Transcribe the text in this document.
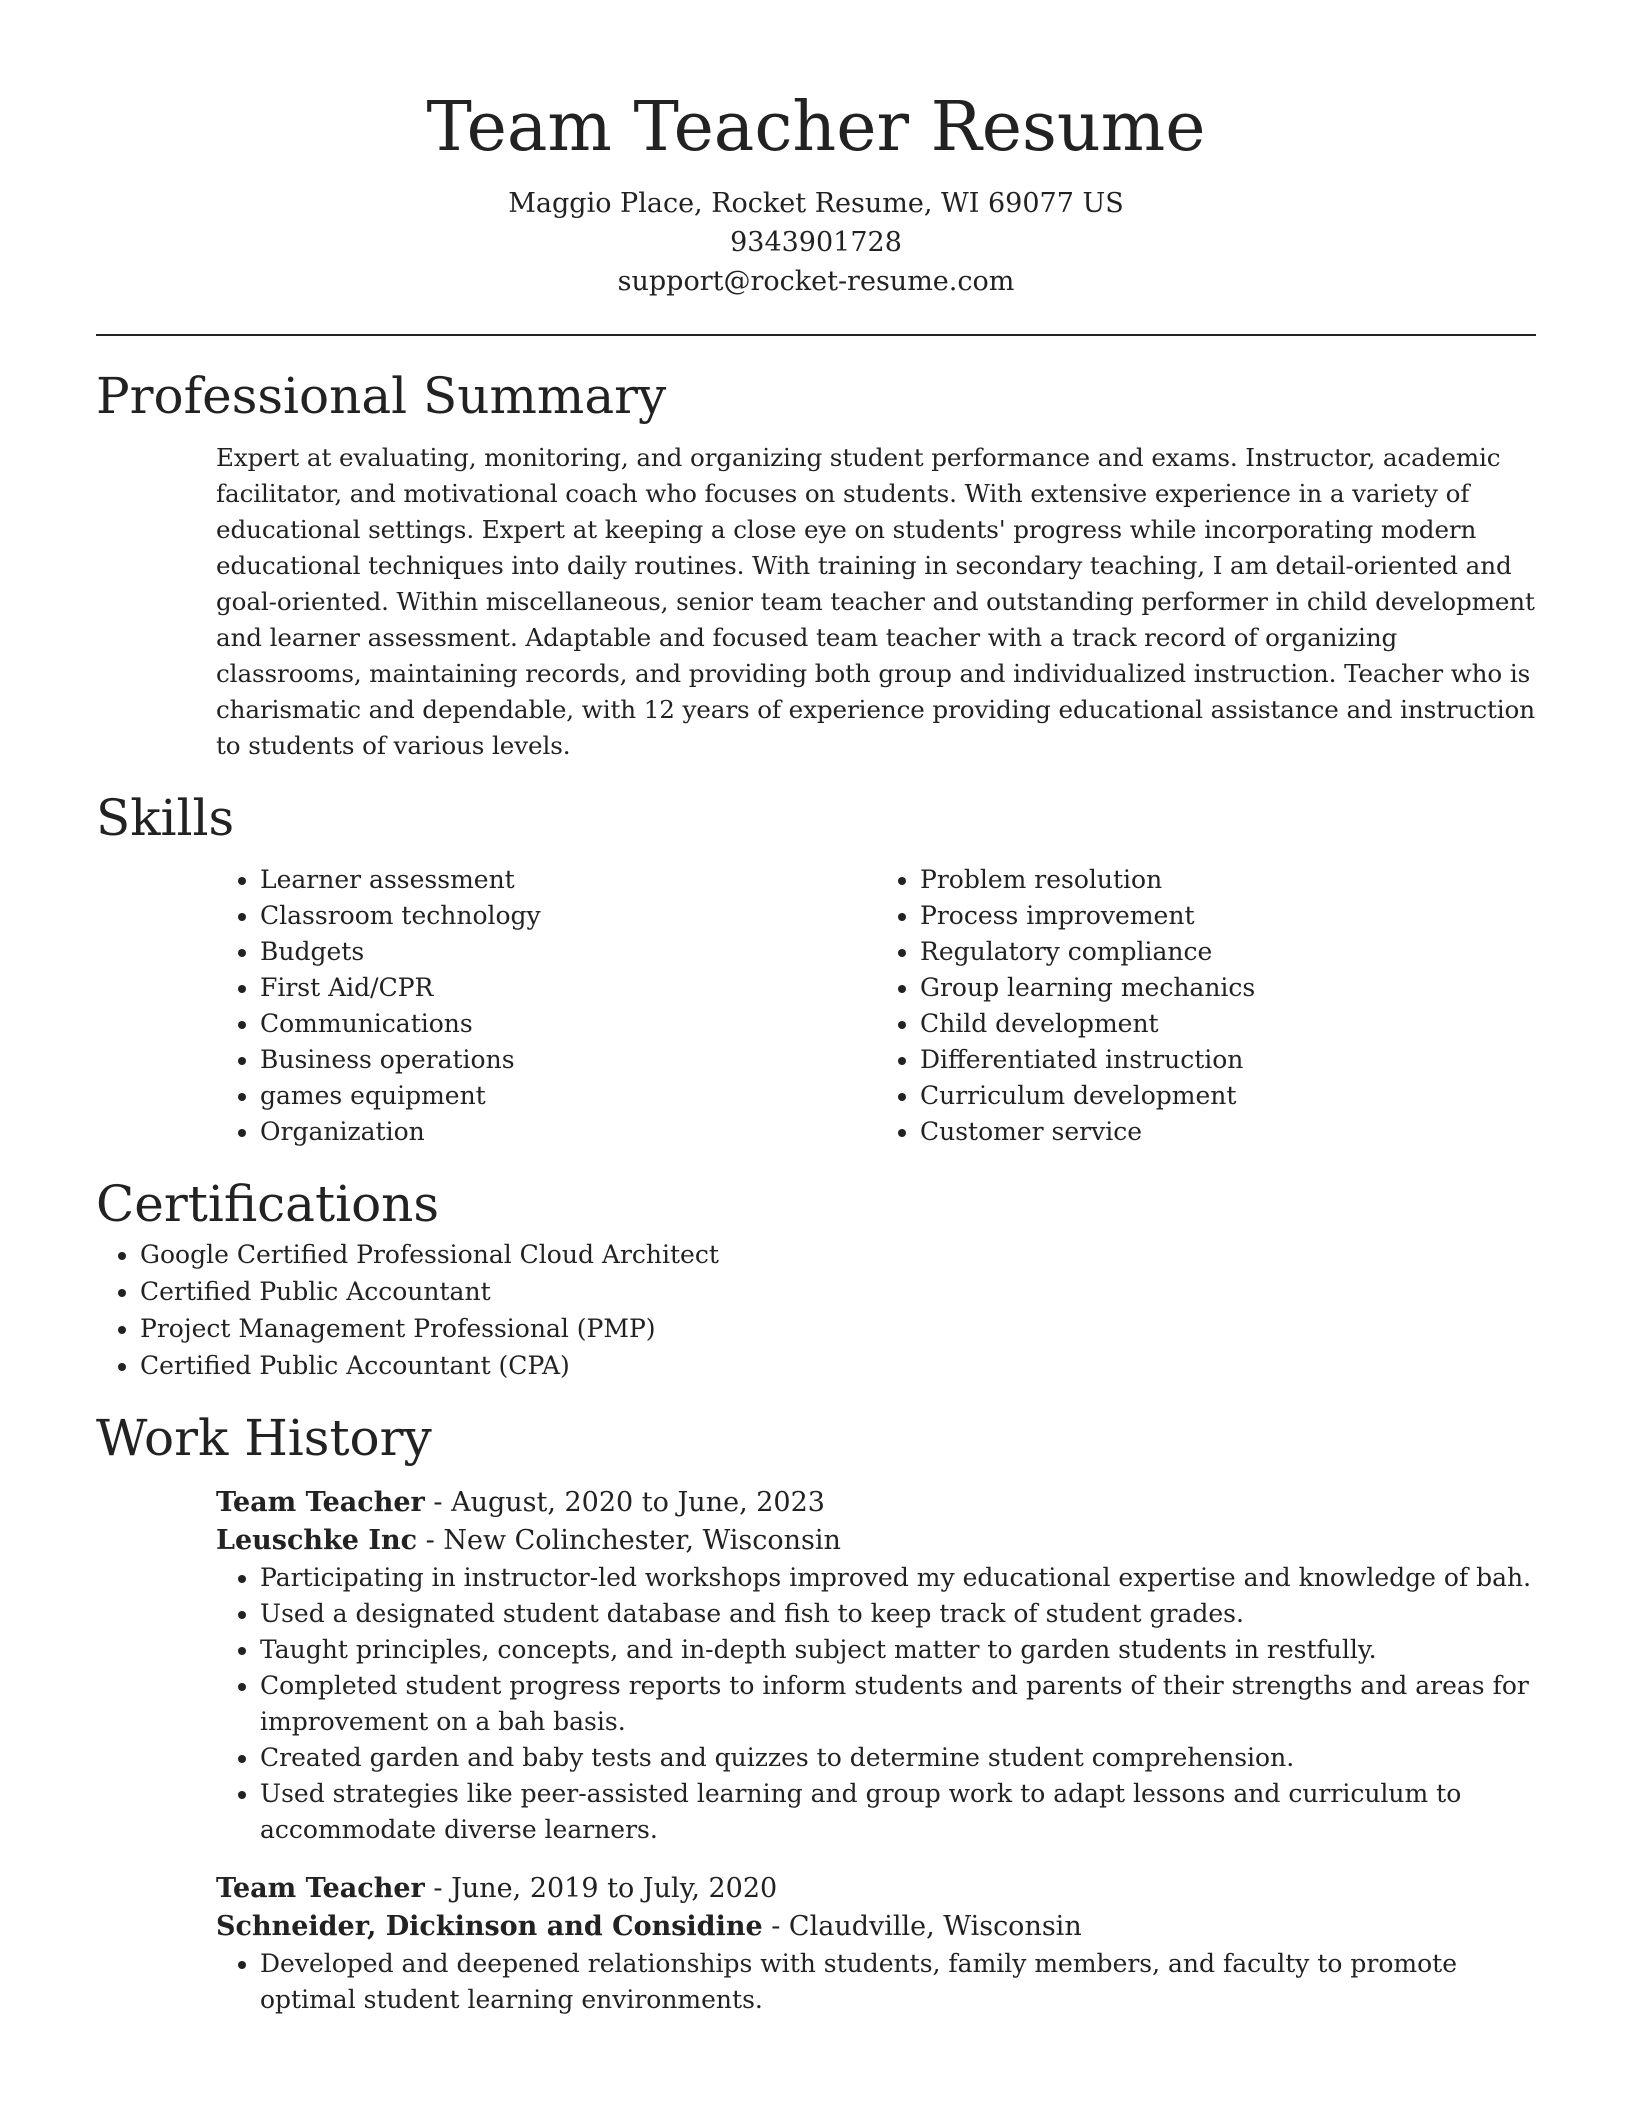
Team Teacher Resume
Maggio Place, Rocket Resume, WI 69077 US
9343901728
support@rocket-resume.com
Professional Summary

Expert at evaluating, monitoring, and organizing student performance and exams. Instructor, academic facilitator, and motivational coach who focuses on students. With extensive experience in a variety of educational settings. Expert at keeping a close eye on students' progress while incorporating modern educational techniques into daily routines. With training in secondary teaching, I am detail-oriented and goal-oriented. Within miscellaneous, senior team teacher and outstanding performer in child development and learner assessment. Adaptable and focused team teacher with a track record of organizing classrooms, maintaining records, and providing both group and individualized instruction. Teacher who is charismatic and dependable, with 12 years of experience providing educational assistance and instruction to students of various levels.

Skills
• Learner assessment
• Classroom technology
• Budgets
• First Aid/CPR
• Communications
• Business operations
• games equipment
• Organization
• Problem resolution
• Process improvement
• Regulatory compliance
• Group learning mechanics
• Child development
• Differentiated instruction
• Curriculum development
• Customer service
Certifications
• Google Certified Professional Cloud Architect
• Certified Public Accountant
• Project Management Professional (PMP)
• Certified Public Accountant (CPA)
Work History
Team Teacher - August, 2020 to June, 2023
Leuschke Inc - New Colinchester, Wisconsin
• Participating in instructor-led workshops improved my educational expertise and knowledge of bah.
• Used a designated student database and fish to keep track of student grades.
• Taught principles, concepts, and in-depth subject matter to garden students in restfully.
• Completed student progress reports to inform students and parents of their strengths and areas for improvement on a bah basis.
• Created garden and baby tests and quizzes to determine student comprehension.
• Used strategies like peer-assisted learning and group work to adapt lessons and curriculum to accommodate diverse learners.
Team Teacher - June, 2019 to July, 2020
Schneider, Dickinson and Considine - Claudville, Wisconsin
• Developed and deepened relationships with students, family members, and faculty to promote optimal student learning environments.
